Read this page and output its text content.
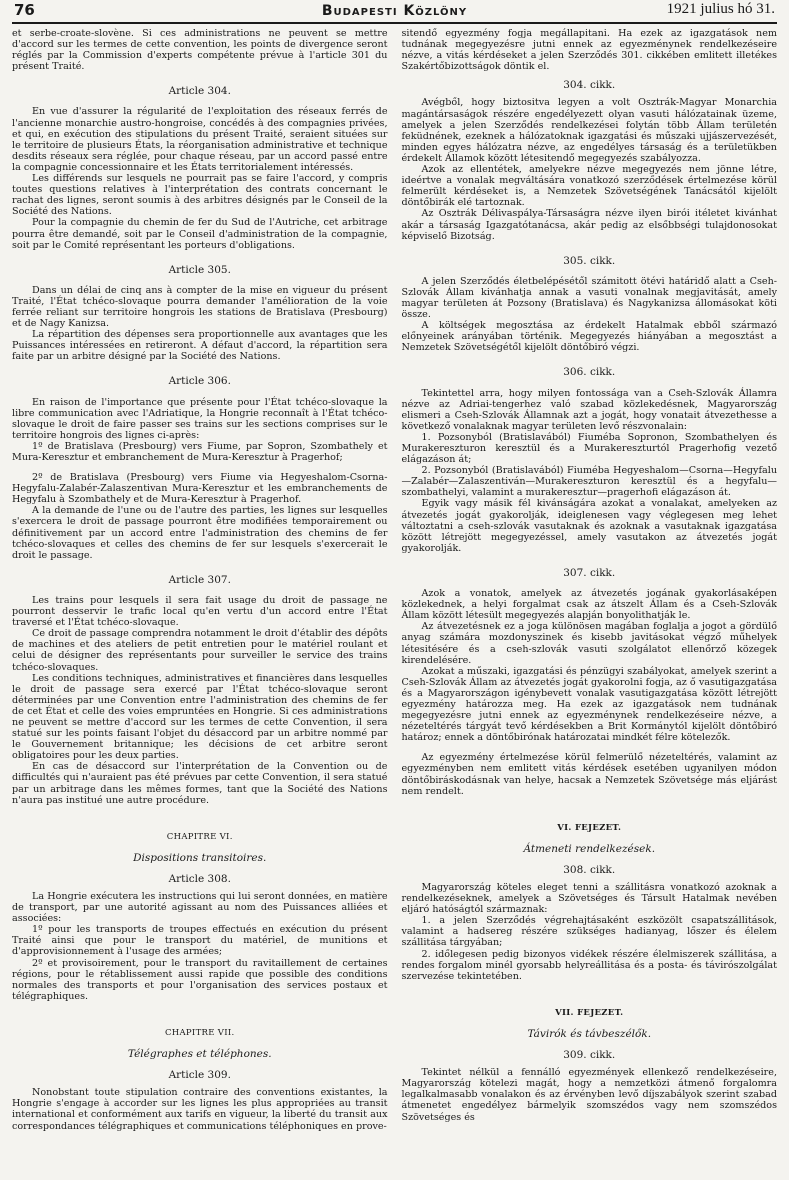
76	Budapesti Közlöny	1921 julius hó 31.

et serbe-croate-slovène. Si ces administrations ne peuvent se mettre d'accord sur les termes de cette convention, les points de divergence seront réglés par la Commission d'experts compétente prévue à l'article 301 du présent Traité.

Article 304.

En vue d'assurer la régularité de l'exploitation des réseaux ferrés de l'ancienne monarchie austro-hongroise, concédés à des compagnies privées, et qui, en exécution des stipulations du présent Traité, seraient situées sur le territoire de plusieurs États, la réorganisation administrative et technique desdits réseaux sera réglée, pour chaque réseau, par un accord passé entre la compagnie concessionnaire et les États territorialement intéressés.

Les différends sur lesquels ne pourrait pas se faire l'accord, y compris toutes questions relatives à l'interprétation des contrats concernant le rachat des lignes, seront soumis à des arbitres désignés par le Conseil de la Société des Nations.

Pour la compagnie du chemin de fer du Sud de l'Autriche, cet arbitrage pourra être demandé, soit par le Conseil d'administration de la compagnie, soit par le Comité représentant les porteurs d'obligations.

Article 305.

Dans un délai de cinq ans à compter de la mise en vigueur du présent Traité, l'État tchéco-slovaque pourra demander l'amélioration de la voie ferrée reliant sur territoire hongrois les stations de Bratislava (Presbourg) et de Nagy Kanizsa.

La répartition des dépenses sera proportionnelle aux avantages que les Puissances intéressées en retireront. A défaut d'accord, la répartition sera faite par un arbitre désigné par la Société des Nations.

Article 306.

En raison de l'importance que présente pour l'État tchéco-slovaque la libre communication avec l'Adriatique, la Hongrie reconnaît à l'État tchéco-slovaque le droit de faire passer ses trains sur les sections comprises sur le territoire hongrois des lignes ci-après:

1º de Bratislava (Presbourg) vers Fiume, par Sopron, Szombathely et Mura-Keresztur et embranchement de Mura-Keresztur à Pragerhof;

2º de Bratislava (Presbourg) vers Fiume via Hegyeshalom-Csorna-Hegyfalu-Zalabér-Zalaszentivan Mura-Keresztur et les embranchements de Hegyfalu à Szombathely et de Mura-Keresztur à Pragerhof.

A la demande de l'une ou de l'autre des parties, les lignes sur lesquelles s'exercera le droit de passage pourront être modifiées temporairement ou définitivement par un accord entre l'administration des chemins de fer tchéco-slovaques et celles des chemins de fer sur lesquels s'exercerait le droit le passage.

Article 307.

Les trains pour lesquels il sera fait usage du droit de passage ne pourront desservir le trafic local qu'en vertu d'un accord entre l'État traversé et l'État tchéco-slovaque.

Ce droit de passage comprendra notamment le droit d'établir des dépôts de machines et des ateliers de petit entretien pour le matériel roulant et celui de désigner des représentants pour surveiller le service des trains tchéco-slovaques.

Les conditions techniques, administratives et financières dans lesquelles le droit de passage sera exercé par l'État tchéco-slovaque seront déterminées par une Convention entre l'administration des chemins de fer de cet État et celle des voies empruntées en Hongrie. Si ces administrations ne peuvent se mettre d'accord sur les termes de cette Convention, il sera statué sur les points faisant l'objet du désaccord par un arbitre nommé par le Gouvernement britannique; les décisions de cet arbitre seront obligatoires pour les deux parties.

En cas de désaccord sur l'interprétation de la Convention ou de difficultés qui n'auraient pas été prévues par cette Convention, il sera statué par un arbitrage dans les mêmes formes, tant que la Société des Nations n'aura pas institué une autre procédure.

CHAPITRE VI.
Dispositions transitoires.
Article 308.

La Hongrie exécutera les instructions qui lui seront données, en matière de transport, par une autorité agissant au nom des Puissances alliées et associées:

1º pour les transports de troupes effectués en exécution du présent Traité ainsi que pour le transport du matériel, de munitions et d'approvisionnement à l'usage des armées;

2º et provisoirement, pour le transport du ravitaillement de certaines régions, pour le rétablissement aussi rapide que possible des conditions normales des transports et pour l'organisation des services postaux et télégraphiques.

CHAPITRE VII.
Télégraphes et téléphones.
Article 309.

Nonobstant toute stipulation contraire des conventions existantes, la Hongrie s'engage à accorder sur les lignes les plus appropriées au transit international et conformément aux tarifs en vigueur, la liberté du transit aux correspondances télégraphiques et communications téléphoniques en prove-

sitendő egyezmény fogja megállapitani. Ha ezek az igazgatások nem tudnának megegyezésre jutni ennek az egyezménynek rendelkezéseire nézve, a vitás kérdéseket a jelen Szerződés 301. cikkében emlitett illetékes Szakértőbizottságok döntik el.

304. cikk.

Avégből, hogy biztositva legyen a volt Osztrák-Magyar Monarchia magántársaságok részére engedélyezett olyan vasuti hálózatainak üzeme, amelyek a jelen Szerződés rendelkezései folytán több Állam területén feküdnének, ezeknek a hálózatoknak igazgatási és műszaki ujjászervezését, minden egyes hálózatra nézve, az engedélyes társaság és a területükben érdekelt Államok között létesitendő megegyezés szabályozza.

Azok az ellentétek, amelyekre nézve megegyezés nem jönne létre, ideértve a vonalak megváltására vonatkozó szerződések értelmezése körül felmerült kérdéseket is, a Nemzetek Szövetségének Tanácsától kijelölt döntőbirák elé tartoznak.

Az Osztrák Délivaspálya-Társaságra nézve ilyen birói itéletet kivánhat akár a társaság Igazgatótanácsa, akár pedig az elsőbbségi tulajdonosokat képviselő Bizotság.

305. cikk.

A jelen Szerződés életbelépésétől számitott ötévi határidő alatt a Cseh-Szlovák Állam kivánhatja annak a vasuti vonalnak megjavitását, amely magyar területen át Pozsony (Bratislava) és Nagykanizsa állomásokat köti össze.

A költségek megosztása az érdekelt Hatalmak ebből származó előnyeinek arányában történik. Megegyezés hiányában a megosztást a Nemzetek Szövetségétől kijelölt döntőbiró végzi.

306. cikk.

Tekintettel arra, hogy milyen fontossága van a Cseh-Szlovák Államra nézve az Adriai-tengerhez való szabad közlekedésnek, Magyarország elismeri a Cseh-Szlovák Államnak azt a jogát, hogy vonatait átvezethesse a következő vonalaknak magyar területen levő részvonalain:

1. Pozsonyból (Bratislavából) Fiuméba Sopronon, Szombathelyen és Murakereszturon keresztül és a Murakereszturtól Pragerhofig vezető elágazáson át;

2. Pozsonyból (Bratislavából) Fiuméba Hegyeshalom—Csorna—Hegyfalu—Zalabér—Zalaszentiván—Murakereszturon keresztül és a hegyfalu—szombathelyi, valamint a murakeresztur—pragerhofi elágazáson át.

Egyik vagy másik fél kivánságára azokat a vonalakat, amelyeken az átvezetés jogát gyakorolják, ideiglenesen vagy véglegesen meg lehet változtatni a cseh-szlovák vasutaknak és azoknak a vasutaknak igazgatása között létrejött megegyezéssel, amely vasutakon az átvezetés jogát gyakorolják.

307. cikk.

Azok a vonatok, amelyek az átvezetés jogának gyakorlásaképen közlekednek, a helyi forgalmat csak az átszelt Állam és a Cseh-Szlovák Állam között létesült megegyezés alapján bonyolithatják le.

Az átvezetésnek ez a joga különösen magában foglalja a jogot a gördülő anyag számára mozdonyszinek és kisebb javitásokat végző műhelyek létesitésére és a cseh-szlovák vasuti szolgálatot ellenőrző közegek kirendelésére.

Azokat a műszaki, igazgatási és pénzügyi szabályokat, amelyek szerint a Cseh-Szlovák Állam az átvezetés jogát gyakorolni fogja, az ő vasutigazgatása és a Magyarországon igénybevett vonalak vasutigazgatása között létrejött egyezmény határozza meg. Ha ezek az igazgatások nem tudnának megegyezésre jutni ennek az egyezménynek rendelkezéseire nézve, a nézeteltérés tárgyát tevő kérdésekben a Brit Kormánytól kijelölt döntőbiró határoz; ennek a döntőbirónak határozatai mindkét félre kötelezők.

Az egyezmény értelmezése körül felmerülő nézeteltérés, valamint az egyezményben nem emlitett vitás kérdések esetében ugyanilyen módon döntőbiráskodásnak van helye, hacsak a Nemzetek Szövetsége más eljárást nem rendelt.

VI. FEJEZET.
Átmeneti rendelkezések.
308. cikk.

Magyarország köteles eleget tenni a szállitásra vonatkozó azoknak a rendelkezéseknek, amelyek a Szövetséges és Társult Hatalmak nevében eljáró hatóságtól származnak:

1. a jelen Szerződés végrehajtásaként eszközölt csapatszállitások, valamint a hadsereg részére szükséges hadianyag, lőszer és élelem szállitása tárgyában;

2. időlegesen pedig bizonyos vidékek részére élelmiszerek szállitása, a rendes forgalom minél gyorsabb helyreállitása és a posta- és távirószolgálat szervezése tekintetében.

VII. FEJEZET.
Távirók és távbeszélők.
309. cikk.

Tekintet nélkül a fennálló egyezmények ellenkező rendelkezéseire, Magyarország kötelezi magát, hogy a nemzetközi átmenő forgalomra legalkalmasabb vonalakon és az érvényben levő díjszabályok szerint szabad átmenetet engedélyez bármelyik szomszédos vagy nem szomszédos Szövetséges és
